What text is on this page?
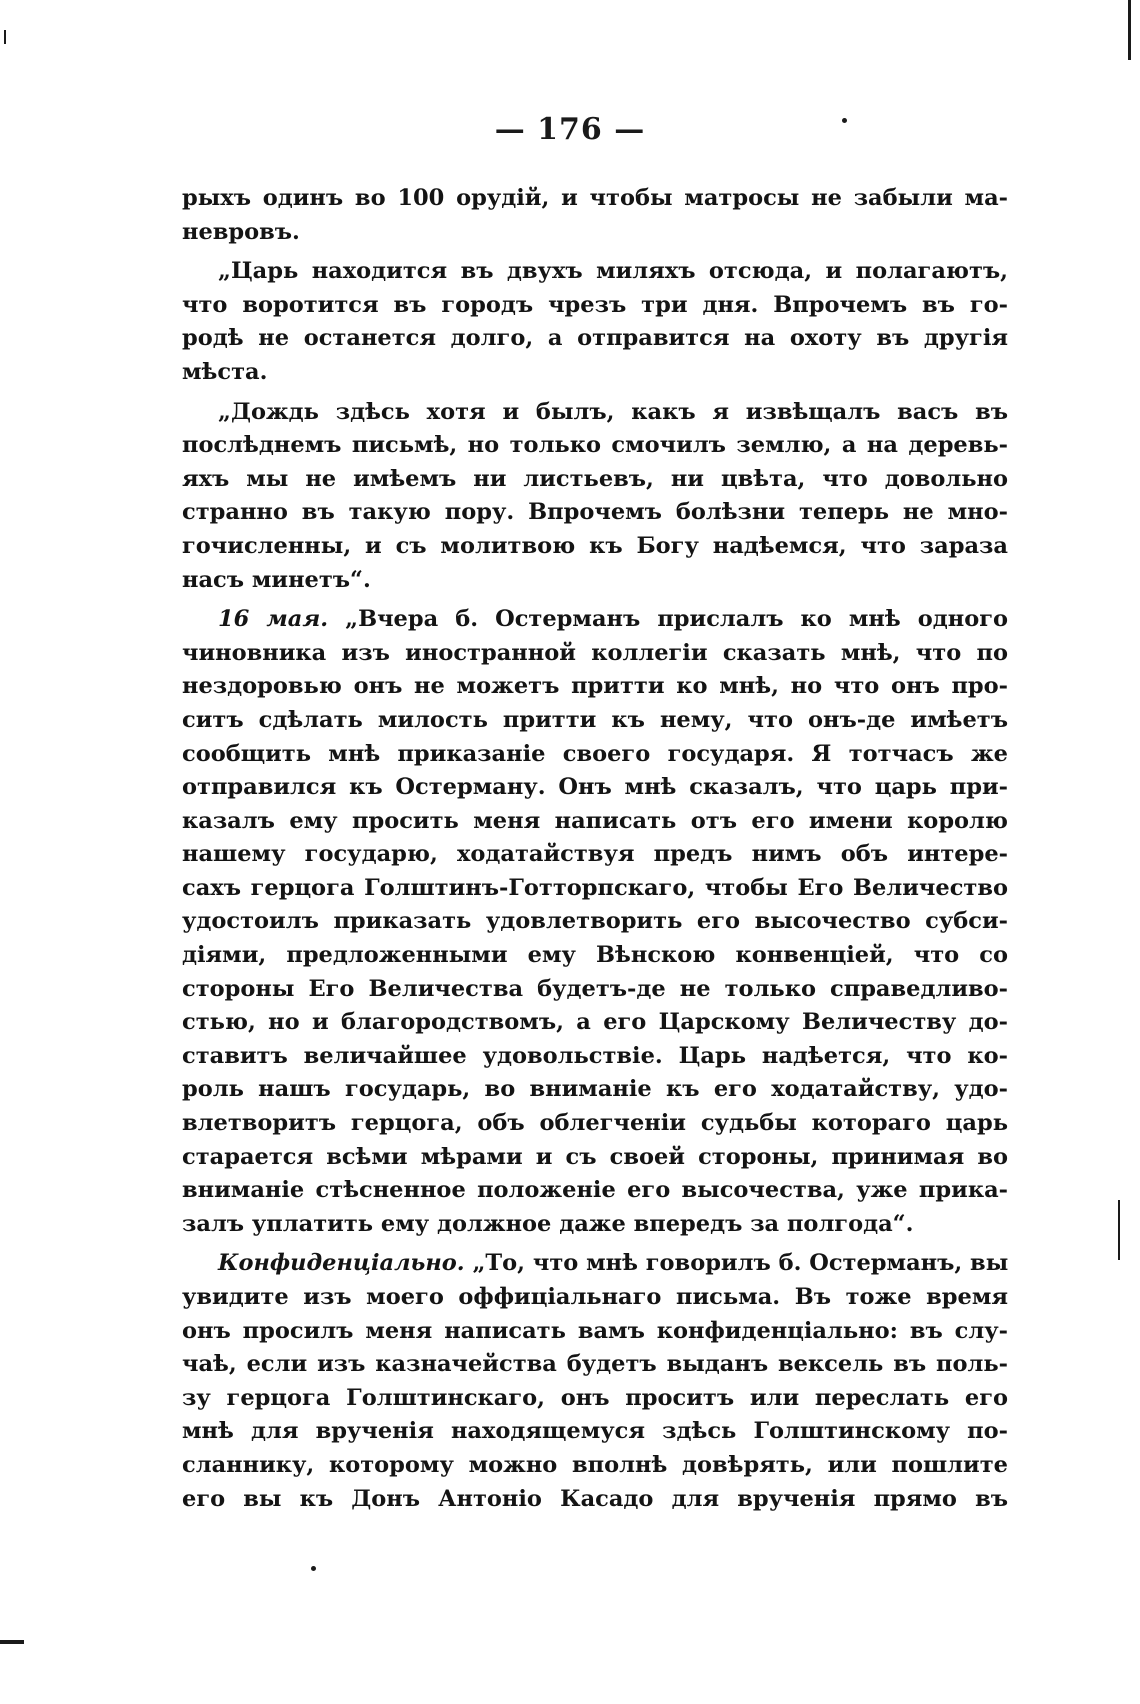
— 176 —
рыхъ одинъ во 100 орудій, и чтобы матросы не забыли ма-
невровъ.
„Царь находится въ двухъ миляхъ отсюда, и полагаютъ,
что воротится въ городъ чрезъ три дня. Впрочемъ въ го-
родѣ не останется долго, а отправится на охоту въ другія
мѣста.
„Дождь здѣсь хотя и былъ, какъ я извѣщалъ васъ въ
послѣднемъ письмѣ, но только смочилъ землю, а на деревь-
яхъ мы не имѣемъ ни листьевъ, ни цвѣта, что довольно
странно въ такую пору. Впрочемъ болѣзни теперь не мно-
гочисленны, и съ молитвою къ Богу надѣемся, что зараза
насъ минетъ“.
16 мая. „Вчера б. Остерманъ прислалъ ко мнѣ одного
чиновника изъ иностранной коллегіи сказать мнѣ, что по
нездоровью онъ не можетъ притти ко мнѣ, но что онъ про-
ситъ сдѣлать милость притти къ нему, что онъ-де имѣетъ
сообщить мнѣ приказаніе своего государя. Я тотчасъ же
отправился къ Остерману. Онъ мнѣ сказалъ, что царь при-
казалъ ему просить меня написать отъ его имени королю
нашему государю, ходатайствуя предъ нимъ объ интере-
сахъ герцога Голштинъ-Готторпскаго, чтобы Его Величество
удостоилъ приказать удовлетворить его высочество субси-
діями, предложенными ему Вѣнскою конвенціей, что со
стороны Его Величества будетъ-де не только справедливо-
стью, но и благородствомъ, а его Царскому Величеству до-
ставитъ величайшее удовольствіе. Царь надѣется, что ко-
роль нашъ государь, во вниманіе къ его ходатайству, удо-
влетворитъ герцога, объ облегченіи судьбы котораго царь
старается всѣми мѣрами и съ своей стороны, принимая во
вниманіе стѣсненное положеніе его высочества, уже прика-
залъ уплатить ему должное даже впередъ за полгода“.
Конфиденціально. „То, что мнѣ говорилъ б. Остерманъ, вы
увидите изъ моего оффиціальнаго письма. Въ тоже время
онъ просилъ меня написать вамъ конфиденціально: въ слу-
чаѣ, если изъ казначейства будетъ выданъ вексель въ поль-
зу герцога Голштинскаго, онъ проситъ или переслать его
мнѣ для врученія находящемуся здѣсь Голштинскому по-
сланнику, которому можно вполнѣ довѣрять, или пошлите
его вы къ Донъ Антоніо Касадо для врученія прямо въ
